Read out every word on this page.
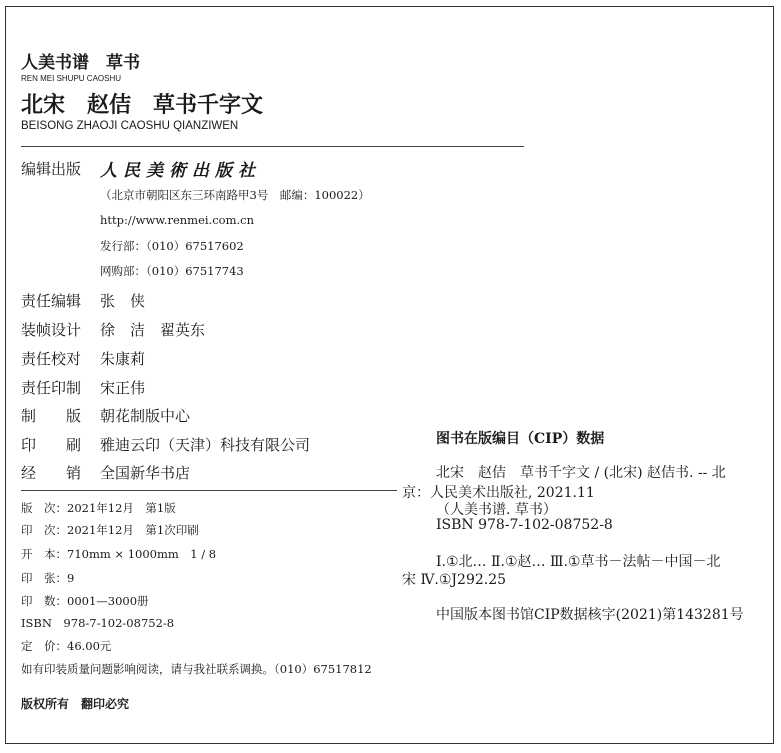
人美书谱　草书
REN MEI SHUPU CAOSHU
北宋　赵佶　草书千字文
BEISONG ZHAOJI CAOSHU QIANZIWEN
编辑出版 人民美術出版社
（北京市朝阳区东三环南路甲3号　邮编：100022）
http://www.renmei.com.cn
发行部：（010）67517602
网购部：（010）67517743
责任编辑 张　侠
装帧设计 徐　洁　翟英东
责任校对 朱康莉
责任印制 宋正伟
制　　版 朝花制版中心
印　　刷 雅迪云印（天津）科技有限公司
经　　销 全国新华书店
版　次：2021年12月　第1版
印　次：2021年12月　第1次印刷
开　本：710mm × 1000mm　1 / 8
印　张：9
印　数：0001—3000册
ISBN　978-7-102-08752-8
定　价：46.00元
如有印装质量问题影响阅读，请与我社联系调换。（010）67517812
版权所有　翻印必究
图书在版编目（CIP）数据
北宋　赵佶　草书千字文 / (北宋) 赵佶书. -- 北
京：人民美术出版社, 2021.11
（人美书谱. 草书）
ISBN 978-7-102-08752-8
Ⅰ.①北… Ⅱ.①赵… Ⅲ.①草书－法帖－中国－北
宋 Ⅳ.①J292.25
中国版本图书馆CIP数据核字(2021)第143281号
